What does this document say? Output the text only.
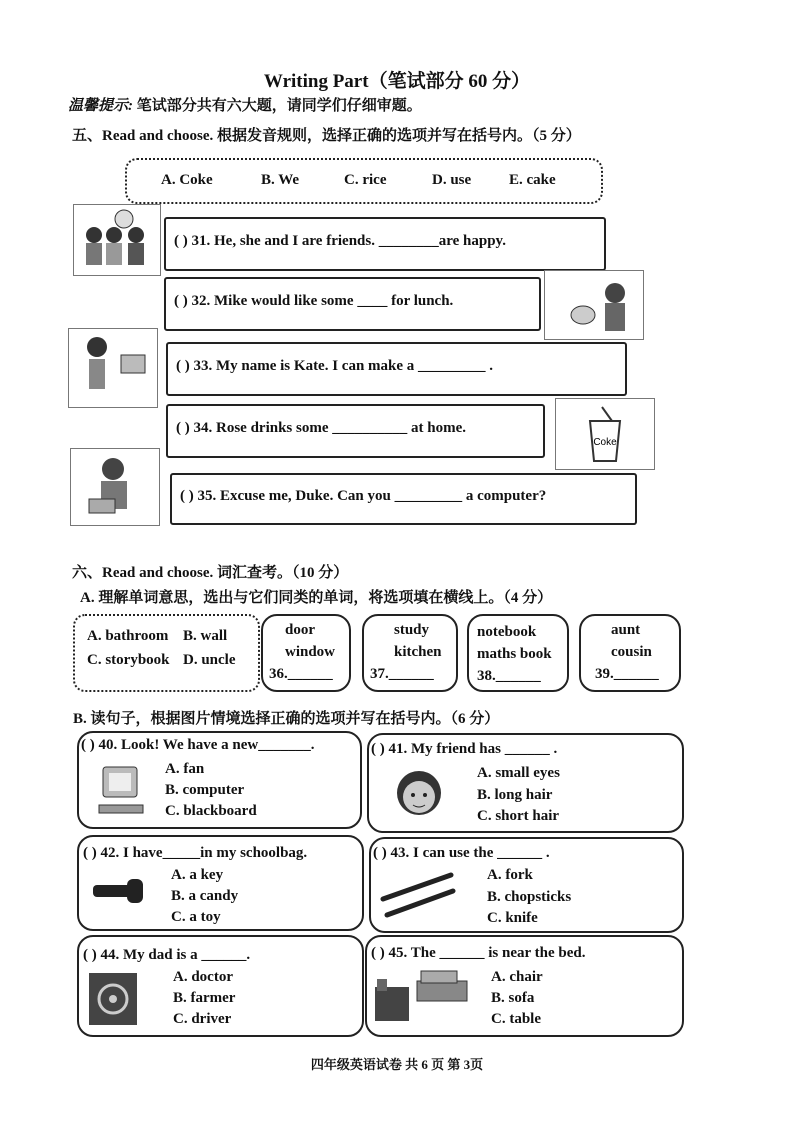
Writing Part（笔试部分 60 分）
温馨提示: 笔试部分共有六大题，请同学们仔细审题。
五、Read and choose. 根据发音规则，选择正确的选项并写在括号内。（5 分）
A. Coke	B. We	C. rice	D. use	E. cake
( ) 31. He, she and I are friends. ________are happy.
( ) 32. Mike would like some ____ for lunch.
( ) 33. My name is Kate. I can make a _________ .
( ) 34. Rose drinks some __________ at home.
Coke
( ) 35. Excuse me, Duke. Can you _________ a computer?
六、Read and choose. 词汇查考。（10 分）
A. 理解单词意思，选出与它们同类的单词，将选项填在横线上。（4 分）
A. bathroom B. wall
C. storybook D. uncle
door
window
36.______
study
kitchen
37.______
notebook
maths book
38.______
aunt
cousin
39.______
B. 读句子，根据图片情境选择正确的选项并写在括号内。（6 分）
( ) 40. Look! We have a new_______.
A. fan
B. computer
C. blackboard
( ) 41. My friend has ______ .
A. small eyes
B. long hair
C. short hair
( ) 42. I have_____in my schoolbag.
A. a key
B. a candy
C. a toy
( ) 43. I can use the ______ .
A. fork
B. chopsticks
C. knife
( ) 44. My dad is a ______.
A. doctor
B. farmer
C. driver
( ) 45. The ______ is near the bed.
A. chair
B. sofa
C. table
四年级英语试卷 共 6 页 第 3页
